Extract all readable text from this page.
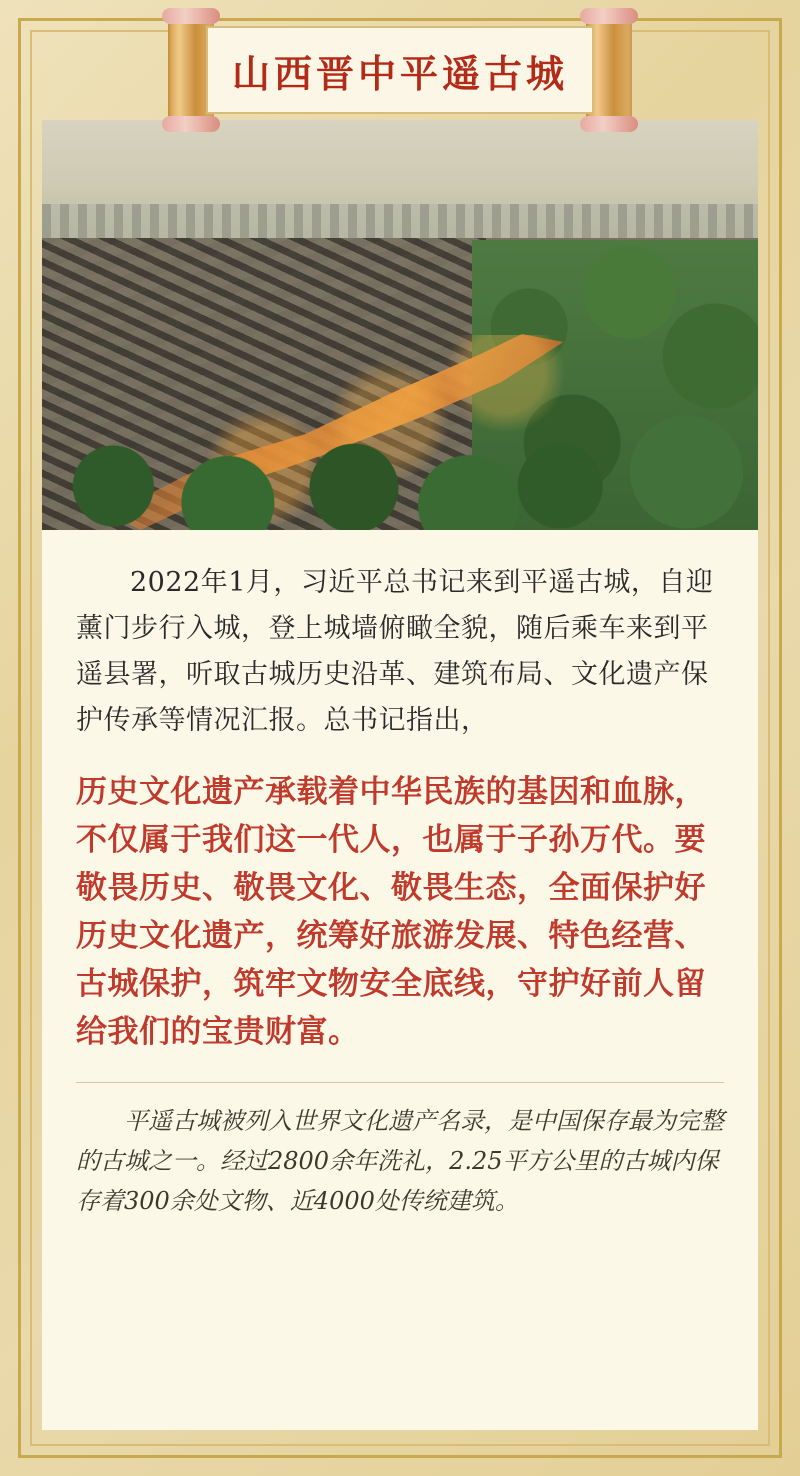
山西晋中平遥古城

2022年1月，习近平总书记来到平遥古城，自迎薰门步行入城，登上城墙俯瞰全貌，随后乘车来到平遥县署，听取古城历史沿革、建筑布局、文化遗产保护传承等情况汇报。总书记指出，

历史文化遗产承载着中华民族的基因和血脉，不仅属于我们这一代人，也属于子孙万代。要敬畏历史、敬畏文化、敬畏生态，全面保护好历史文化遗产，统筹好旅游发展、特色经营、古城保护，筑牢文物安全底线，守护好前人留给我们的宝贵财富。

平遥古城被列入世界文化遗产名录，是中国保存最为完整的古城之一。经过2800余年洗礼，2.25平方公里的古城内保存着300余处文物、近4000处传统建筑。
